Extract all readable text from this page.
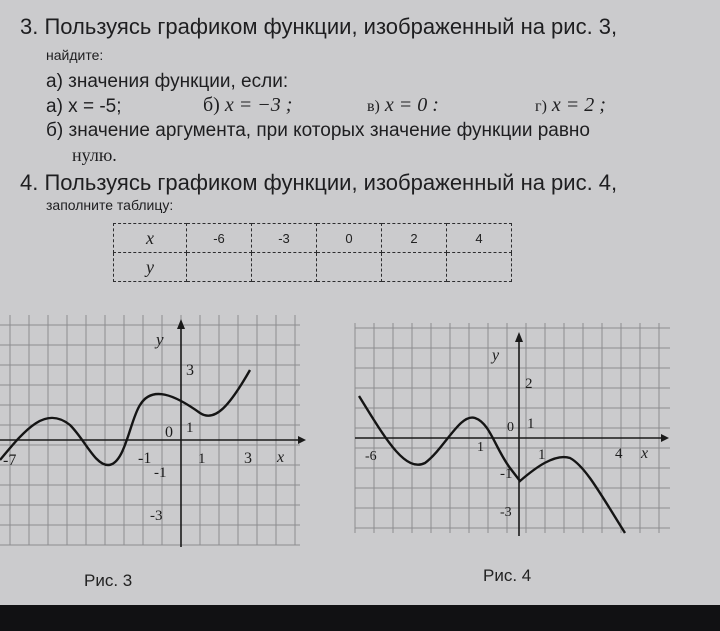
3. Пользуясь графиком функции, изображенный на рис. 3,
найдите:
а) значения функции, если:
а) x = -5;	б) x = −3 ;	в) x = 0 :	г) x = 2 ;
б) значение аргумента, при которых значение функции равно
нулю.
4. Пользуясь графиком функции, изображенный на рис. 4,
заполните таблицу:
x	-6	-3	0	2	4
y					
y
3
0 1
-7	-1	1 3 x
-1
-3
Рис. 3
y
2
0 1
-6
1	1	4 x
-1
-3
Рис. 4
